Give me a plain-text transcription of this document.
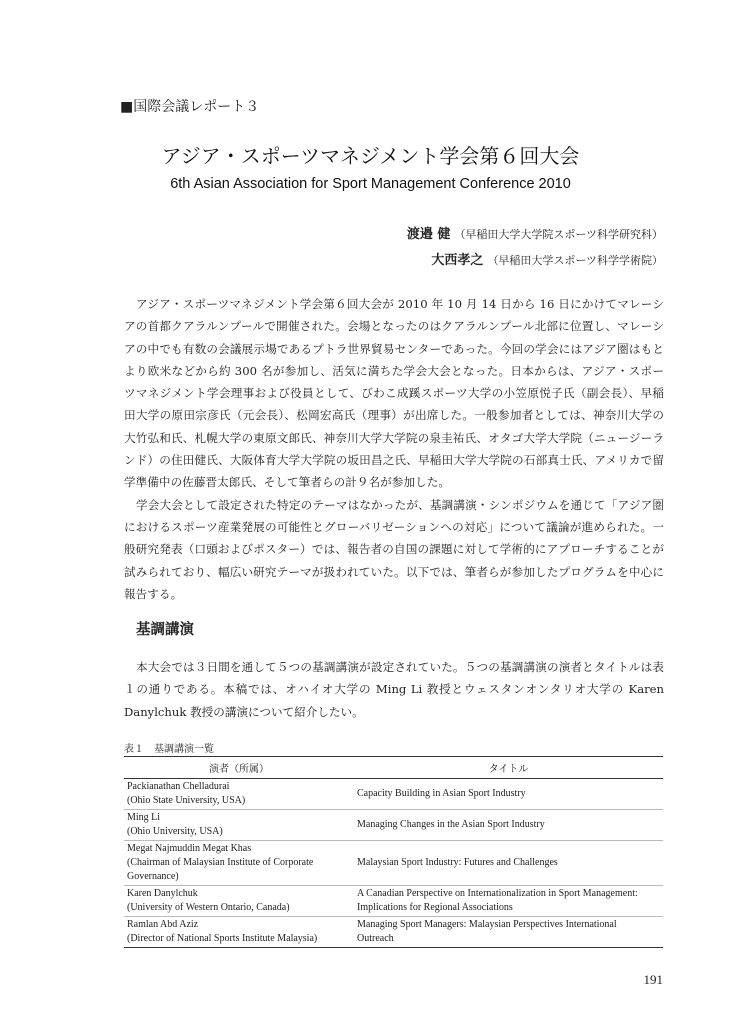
■国際会議レポート３
アジア・スポーツマネジメント学会第６回大会
6th Asian Association for Sport Management Conference 2010
渡邉 健 （早稲田大学大学院スポーツ科学研究科）
大西孝之 （早稲田大学スポーツ科学学術院）

アジア・スポーツマネジメント学会第６回大会が 2010 年 10 月 14 日から 16 日にかけてマレーシアの首都クアラルンプールで開催された。会場となったのはクアラルンプール北部に位置し、マレーシアの中でも有数の会議展示場であるプトラ世界貿易センターであった。今回の学会にはアジア圏はもとより欧米などから約 300 名が参加し、活気に満ちた学会大会となった。日本からは、アジア・スポーツマネジメント学会理事および役員として、びわこ成蹊スポーツ大学の小笠原悦子氏（副会長）、早稲田大学の原田宗彦氏（元会長）、松岡宏高氏（理事）が出席した。一般参加者としては、神奈川大学の大竹弘和氏、札幌大学の東原文郎氏、神奈川大学大学院の泉圭祐氏、オタゴ大学大学院（ニュージーランド）の住田健氏、大阪体育大学大学院の坂田昌之氏、早稲田大学大学院の石部真士氏、アメリカで留学準備中の佐藤晋太郎氏、そして筆者らの計９名が参加した。

学会大会として設定された特定のテーマはなかったが、基調講演・シンポジウムを通じて「アジア圏におけるスポーツ産業発展の可能性とグローバリゼーションへの対応」について議論が進められた。一般研究発表（口頭およびポスター）では、報告者の自国の課題に対して学術的にアプローチすることが試みられており、幅広い研究テーマが扱われていた。以下では、筆者らが参加したプログラムを中心に報告する。

基調講演

本大会では３日間を通して５つの基調講演が設定されていた。５つの基調講演の演者とタイトルは表１の通りである。本稿では、オハイオ大学の Ming Li 教授とウェスタンオンタリオ大学の Karen Danylchuk 教授の講演について紹介したい。

表１　基調講演一覧
演者（所属）	タイトル

Packianathan Chelladurai
(Ohio State University, USA)	Capacity Building in Asian Sport Industry

Ming Li
(Ohio University, USA)	Managing Changes in the Asian Sport Industry

Megat Najmuddin Megat Khas
(Chairman of Malaysian Institute of Corporate
Governance)	Malaysian Sport Industry: Futures and Challenges

Karen Danylchuk
(University of Western Ontario, Canada)	A Canadian Perspective on Internationalization in Sport Management:
Implications for Regional Associations

Ramlan Abd Aziz
(Director of National Sports Institute Malaysia)	Managing Sport Managers: Malaysian Perspectives International
Outreach
191
